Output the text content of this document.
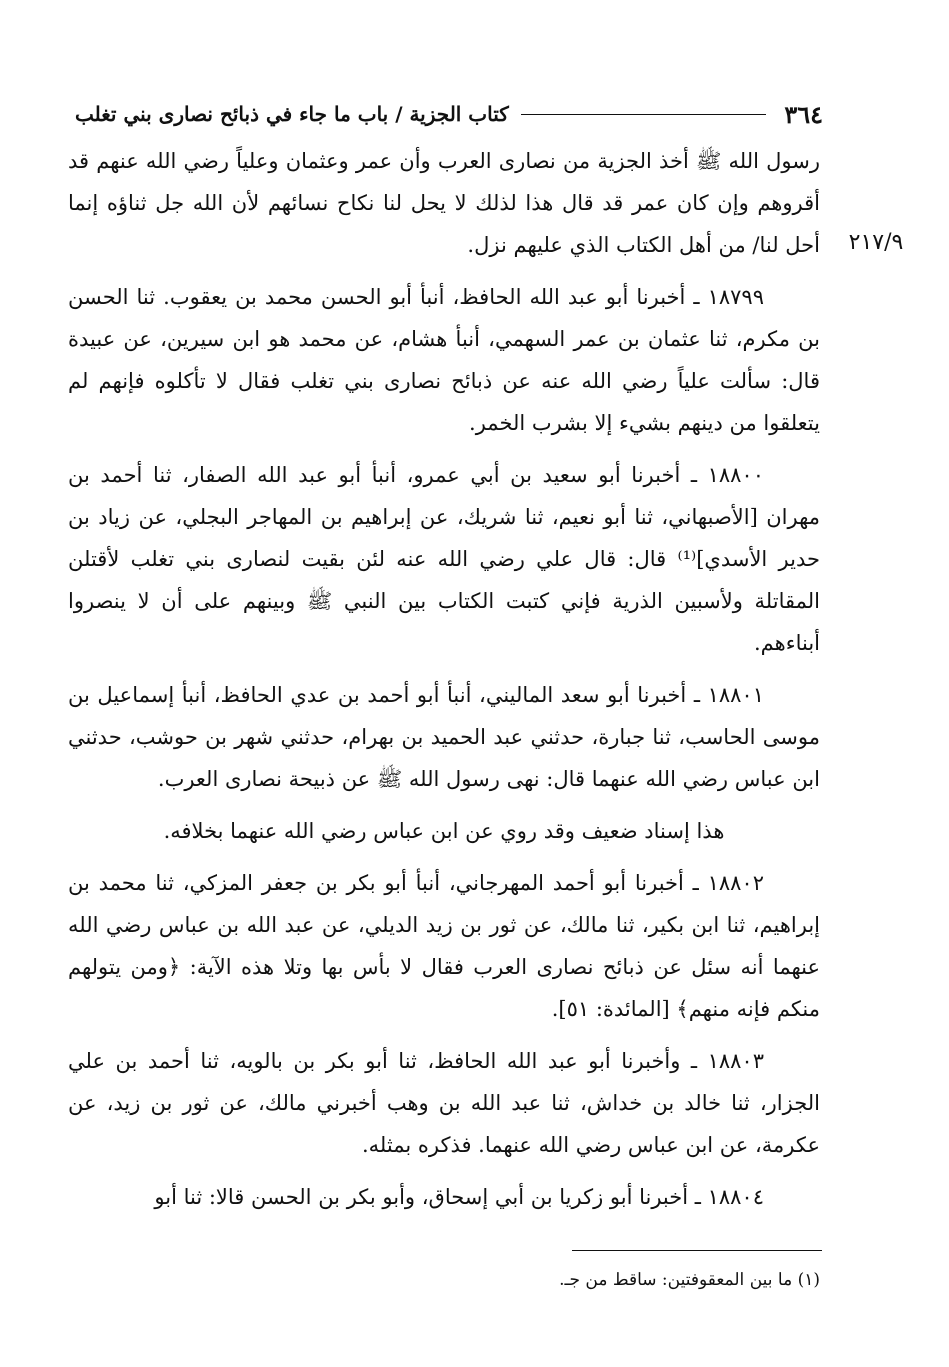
٣٦٤
كتاب الجزية / باب ما جاء في ذبائح نصارى بني تغلب
٢١٧/٩

رسول الله ﷺ أخذ الجزية من نصارى العرب وأن عمر وعثمان وعلياً رضي الله عنهم قد أقروهم وإن كان عمر قد قال هذا لذلك لا يحل لنا نكاح نسائهم لأن الله جل ثناؤه إنما أحل لنا/ من أهل الكتاب الذي عليهم نزل.

١٨٧٩٩ ـ أخبرنا أبو عبد الله الحافظ، أنبأ أبو الحسن محمد بن يعقوب. ثنا الحسن بن مكرم، ثنا عثمان بن عمر السهمي، أنبأ هشام، عن محمد هو ابن سيرين، عن عبيدة قال: سألت علياً رضي الله عنه عن ذبائح نصارى بني تغلب فقال لا تأكلوه فإنهم لم يتعلقوا من دينهم بشيء إلا بشرب الخمر.

١٨٨٠٠ ـ أخبرنا أبو سعيد بن أبي عمرو، أنبأ أبو عبد الله الصفار، ثنا أحمد بن مهران [الأصبهاني، ثنا أبو نعيم، ثنا شريك، عن إبراهيم بن المهاجر البجلي، عن زياد بن حدير الأسدي]⁽¹⁾ قال: قال علي رضي الله عنه لئن بقيت لنصارى بني تغلب لأقتلن المقاتلة ولأسبين الذرية فإني كتبت الكتاب بين النبي ﷺ وبينهم على أن لا ينصروا أبناءهم.

١٨٨٠١ ـ أخبرنا أبو سعد الماليني، أنبأ أبو أحمد بن عدي الحافظ، أنبأ إسماعيل بن موسى الحاسب، ثنا جبارة، حدثني عبد الحميد بن بهرام، حدثني شهر بن حوشب، حدثني ابن عباس رضي الله عنهما قال: نهى رسول الله ﷺ عن ذبيحة نصارى العرب.

هذا إسناد ضعيف وقد روي عن ابن عباس رضي الله عنهما بخلافه.

١٨٨٠٢ ـ أخبرنا أبو أحمد المهرجاني، أنبأ أبو بكر بن جعفر المزكي، ثنا محمد بن إبراهيم، ثنا ابن بكير، ثنا مالك، عن ثور بن زيد الديلي، عن عبد الله بن عباس رضي الله عنهما أنه سئل عن ذبائح نصارى العرب فقال لا بأس بها وتلا هذه الآية: ﴿ومن يتولهم منكم فإنه منهم﴾ [المائدة: ٥١].

١٨٨٠٣ ـ وأخبرنا أبو عبد الله الحافظ، ثنا أبو بكر بن بالويه، ثنا أحمد بن علي الجزار، ثنا خالد بن خداش، ثنا عبد الله بن وهب أخبرني مالك، عن ثور بن زيد، عن عكرمة، عن ابن عباس رضي الله عنهما. فذكره بمثله.

١٨٨٠٤ ـ أخبرنا أبو زكريا بن أبي إسحاق، وأبو بكر بن الحسن قالا: ثنا أبو

(١) ما بين المعقوفتين: ساقط من جـ.
